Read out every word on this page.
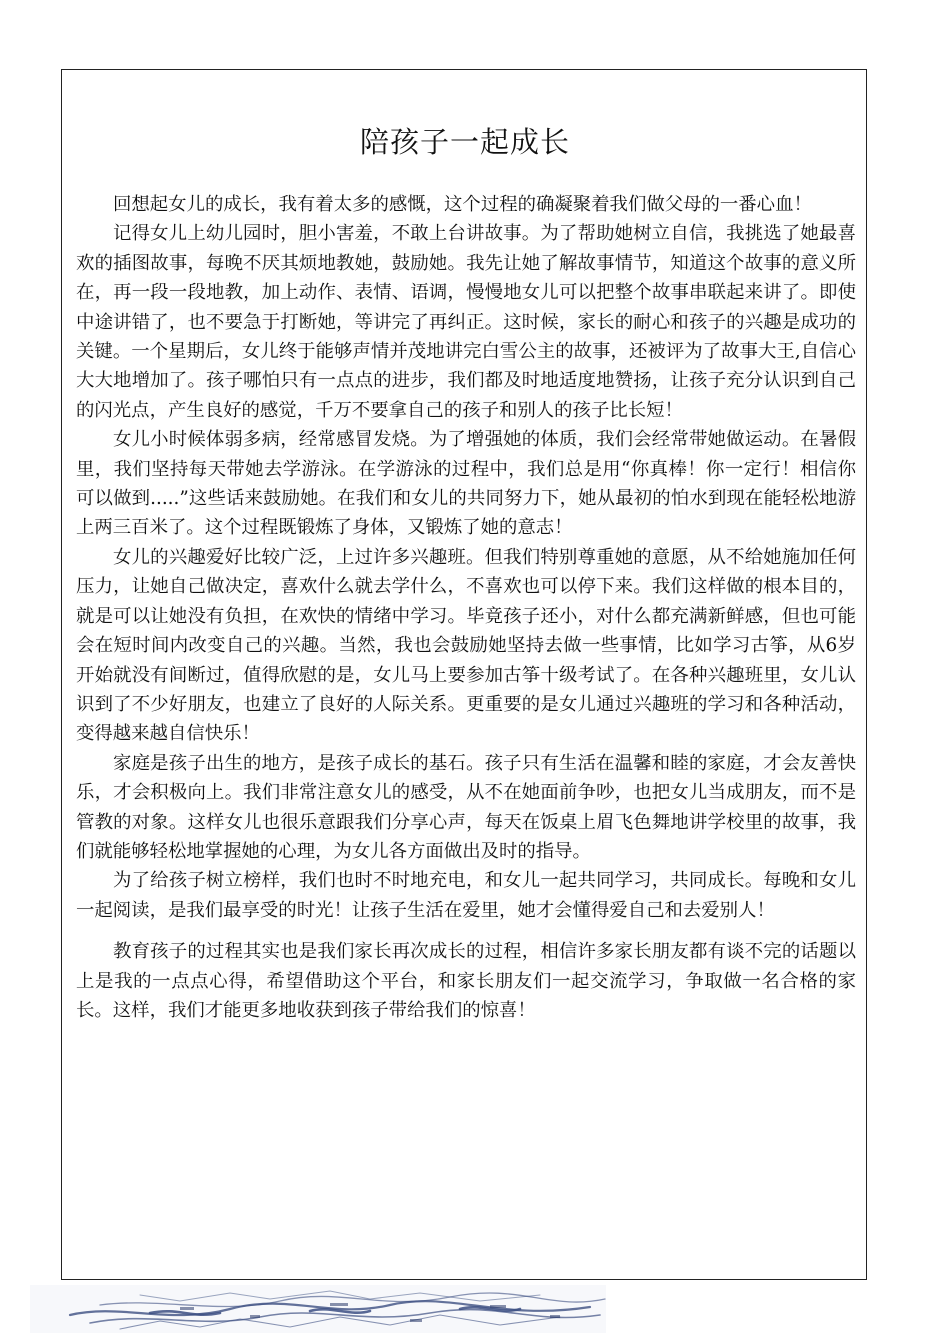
陪孩子一起成长

回想起女儿的成长，我有着太多的感慨，这个过程的确凝聚着我们做父母的一番心血！

记得女儿上幼儿园时，胆小害羞，不敢上台讲故事。为了帮助她树立自信，我挑选了她最喜欢的插图故事，每晚不厌其烦地教她，鼓励她。我先让她了解故事情节，知道这个故事的意义所在，再一段一段地教，加上动作、表情、语调，慢慢地女儿可以把整个故事串联起来讲了。即使中途讲错了，也不要急于打断她，等讲完了再纠正。这时候，家长的耐心和孩子的兴趣是成功的关键。一个星期后，女儿终于能够声情并茂地讲完白雪公主的故事，还被评为了故事大王,自信心大大地增加了。孩子哪怕只有一点点的进步，我们都及时地适度地赞扬，让孩子充分认识到自己的闪光点，产生良好的感觉，千万不要拿自己的孩子和别人的孩子比长短！

女儿小时候体弱多病，经常感冒发烧。为了增强她的体质，我们会经常带她做运动。在暑假里，我们坚持每天带她去学游泳。在学游泳的过程中，我们总是用“你真棒！你一定行！相信你可以做到.....”这些话来鼓励她。在我们和女儿的共同努力下，她从最初的怕水到现在能轻松地游上两三百米了。这个过程既锻炼了身体，又锻炼了她的意志！

女儿的兴趣爱好比较广泛，上过许多兴趣班。但我们特别尊重她的意愿，从不给她施加任何压力，让她自己做决定，喜欢什么就去学什么，不喜欢也可以停下来。我们这样做的根本目的，就是可以让她没有负担，在欢快的情绪中学习。毕竟孩子还小，对什么都充满新鲜感，但也可能会在短时间内改变自己的兴趣。当然，我也会鼓励她坚持去做一些事情，比如学习古筝，从6岁开始就没有间断过，值得欣慰的是，女儿马上要参加古筝十级考试了。在各种兴趣班里，女儿认识到了不少好朋友，也建立了良好的人际关系。更重要的是女儿通过兴趣班的学习和各种活动，变得越来越自信快乐！

家庭是孩子出生的地方，是孩子成长的基石。孩子只有生活在温馨和睦的家庭，才会友善快乐，才会积极向上。我们非常注意女儿的感受，从不在她面前争吵，也把女儿当成朋友，而不是管教的对象。这样女儿也很乐意跟我们分享心声，每天在饭桌上眉飞色舞地讲学校里的故事，我们就能够轻松地掌握她的心理，为女儿各方面做出及时的指导。

为了给孩子树立榜样，我们也时不时地充电，和女儿一起共同学习，共同成长。每晚和女儿一起阅读，是我们最享受的时光！让孩子生活在爱里，她才会懂得爱自己和去爱别人！

教育孩子的过程其实也是我们家长再次成长的过程，相信许多家长朋友都有谈不完的话题以上是我的一点点心得，希望借助这个平台，和家长朋友们一起交流学习，争取做一名合格的家长。这样，我们才能更多地收获到孩子带给我们的惊喜！
